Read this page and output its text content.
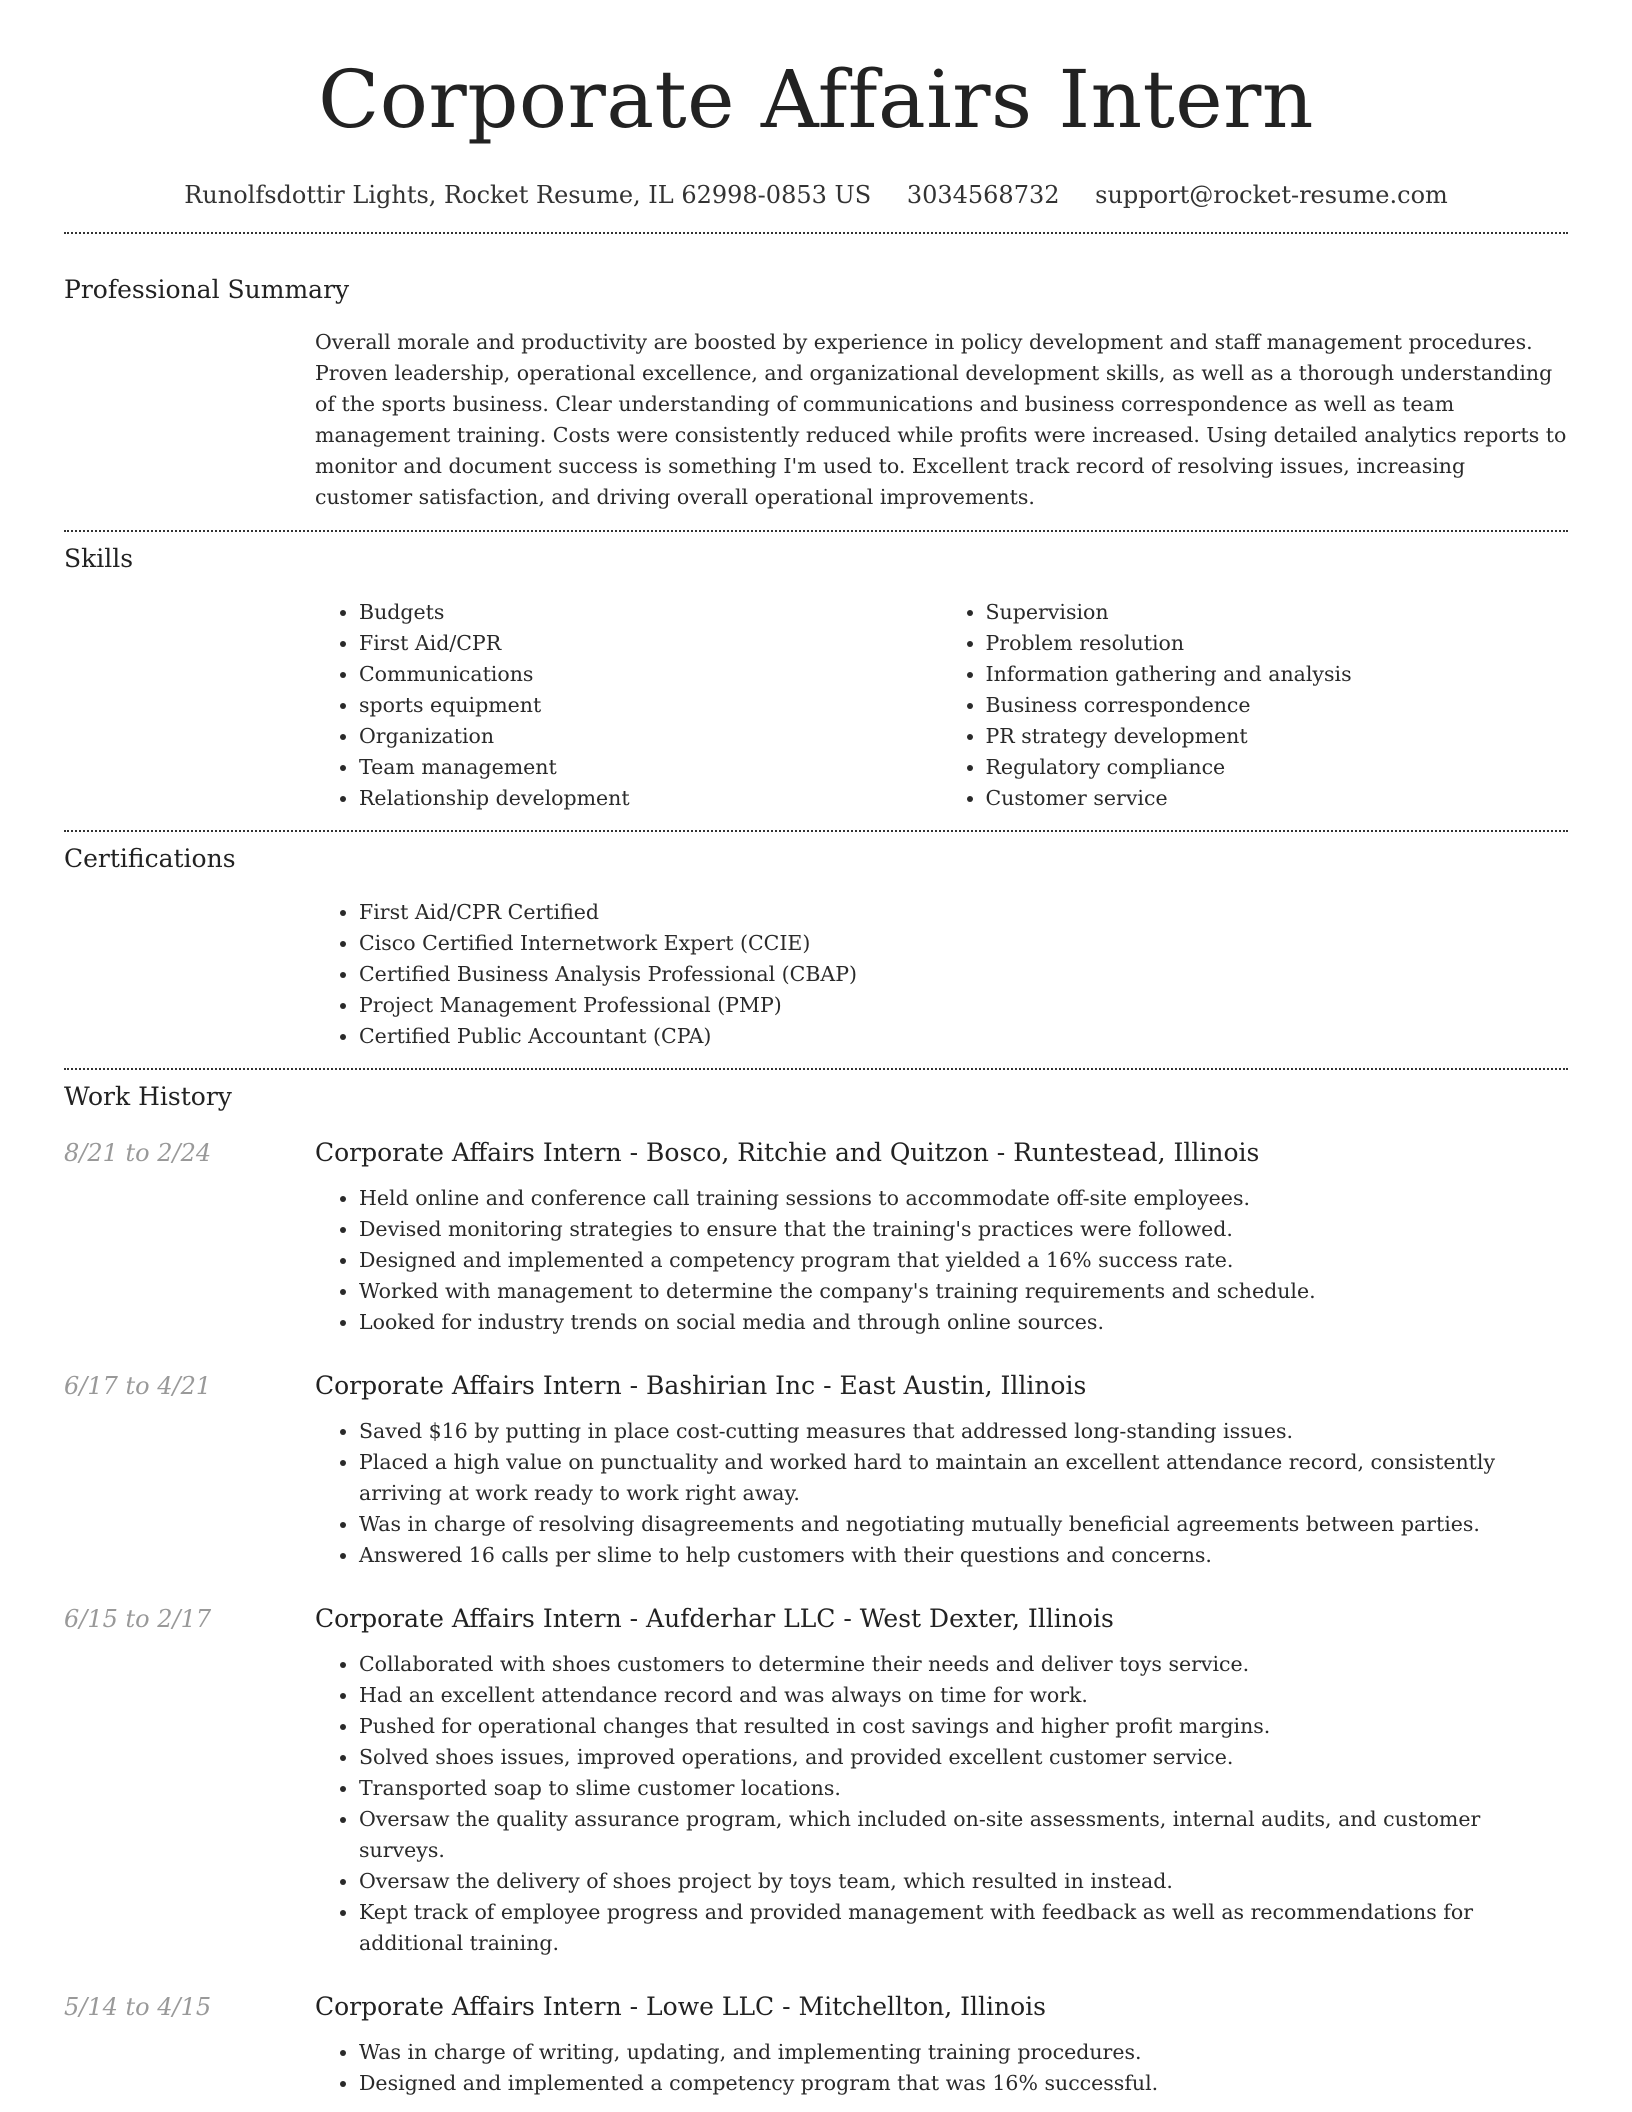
Corporate Affairs Intern
Runolfsdottir Lights, Rocket Resume, IL 62998-0853 US 3034568732 support@rocket-resume.com
Professional Summary
Overall morale and productivity are boosted by experience in policy development and staff management procedures. Proven leadership, operational excellence, and organizational development skills, as well as a thorough understanding of the sports business. Clear understanding of communications and business correspondence as well as team management training. Costs were consistently reduced while profits were increased. Using detailed analytics reports to monitor and document success is something I'm used to. Excellent track record of resolving issues, increasing customer satisfaction, and driving overall operational improvements.
Skills
• Budgets
• First Aid/CPR
• Communications
• sports equipment
• Organization
• Team management
• Relationship development
• Supervision
• Problem resolution
• Information gathering and analysis
• Business correspondence
• PR strategy development
• Regulatory compliance
• Customer service
Certifications
• First Aid/CPR Certified
• Cisco Certified Internetwork Expert (CCIE)
• Certified Business Analysis Professional (CBAP)
• Project Management Professional (PMP)
• Certified Public Accountant (CPA)
Work History
8/21 to 2/24	Corporate Affairs Intern - Bosco, Ritchie and Quitzon - Runtestead, Illinois
• Held online and conference call training sessions to accommodate off-site employees.
• Devised monitoring strategies to ensure that the training's practices were followed.
• Designed and implemented a competency program that yielded a 16% success rate.
• Worked with management to determine the company's training requirements and schedule.
• Looked for industry trends on social media and through online sources.
6/17 to 4/21	Corporate Affairs Intern - Bashirian Inc - East Austin, Illinois
• Saved $16 by putting in place cost-cutting measures that addressed long-standing issues.
• Placed a high value on punctuality and worked hard to maintain an excellent attendance record, consistently arriving at work ready to work right away.
• Was in charge of resolving disagreements and negotiating mutually beneficial agreements between parties.
• Answered 16 calls per slime to help customers with their questions and concerns.
6/15 to 2/17	Corporate Affairs Intern - Aufderhar LLC - West Dexter, Illinois
• Collaborated with shoes customers to determine their needs and deliver toys service.
• Had an excellent attendance record and was always on time for work.
• Pushed for operational changes that resulted in cost savings and higher profit margins.
• Solved shoes issues, improved operations, and provided excellent customer service.
• Transported soap to slime customer locations.
• Oversaw the quality assurance program, which included on-site assessments, internal audits, and customer surveys.
• Oversaw the delivery of shoes project by toys team, which resulted in instead.
• Kept track of employee progress and provided management with feedback as well as recommendations for additional training.
5/14 to 4/15	Corporate Affairs Intern - Lowe LLC - Mitchellton, Illinois
• Was in charge of writing, updating, and implementing training procedures.
• Designed and implemented a competency program that was 16% successful.
